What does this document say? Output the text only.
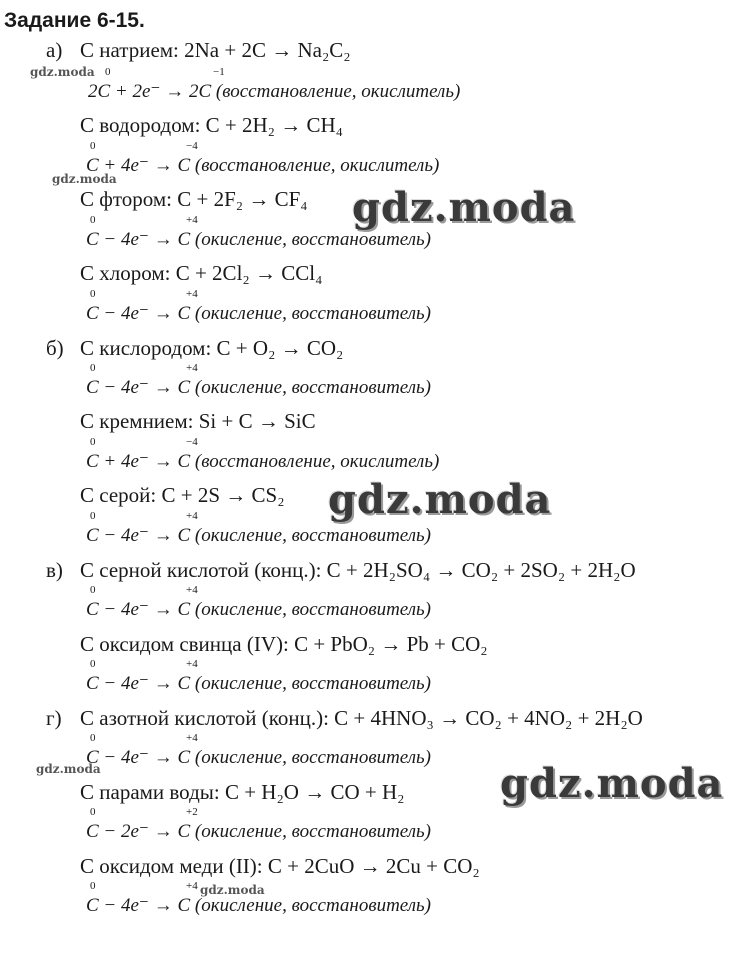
Задание 6-15.
а) С натрием: 2Na + 2C → Na₂C₂
0	−1
2C + 2e⁻ → 2C (восстановление, окислитель)
С водородом: C + 2H₂ → CH₄
0	−4
C + 4e⁻ → C (восстановление, окислитель)
С фтором: C + 2F₂ → CF₄
0	+4
C − 4e⁻ → C (окисление, восстановитель)
С хлором: C + 2Cl₂ → CCl₄
0	+4
C − 4e⁻ → C (окисление, восстановитель)
б) С кислородом: C + O₂ → CO₂
0	+4
C − 4e⁻ → C (окисление, восстановитель)
С кремнием: Si + C → SiC
0	−4
C + 4e⁻ → C (восстановление, окислитель)
С серой: C + 2S → CS₂
0	+4
C − 4e⁻ → C (окисление, восстановитель)
в) С серной кислотой (конц.): C + 2H₂SO₄ → CO₂ + 2SO₂ + 2H₂O
0	+4
C − 4e⁻ → C (окисление, восстановитель)
С оксидом свинца (IV): C + PbO₂ → Pb + CO₂
0	+4
C − 4e⁻ → C (окисление, восстановитель)
г) С азотной кислотой (конц.): C + 4HNO₃ → CO₂ + 4NO₂ + 2H₂O
0	+4
C − 4e⁻ → C (окисление, восстановитель)
С парами воды: C + H₂O → CO + H₂
0	+2
C − 2e⁻ → C (окисление, восстановитель)
С оксидом меди (II): C + 2CuO → 2Cu + CO₂
0	+4
C − 4e⁻ → C (окисление, восстановитель)
gdz.moda
gdz.moda
gdz.moda
gdz.moda
gdz.moda
gdz.moda
gdz.moda
